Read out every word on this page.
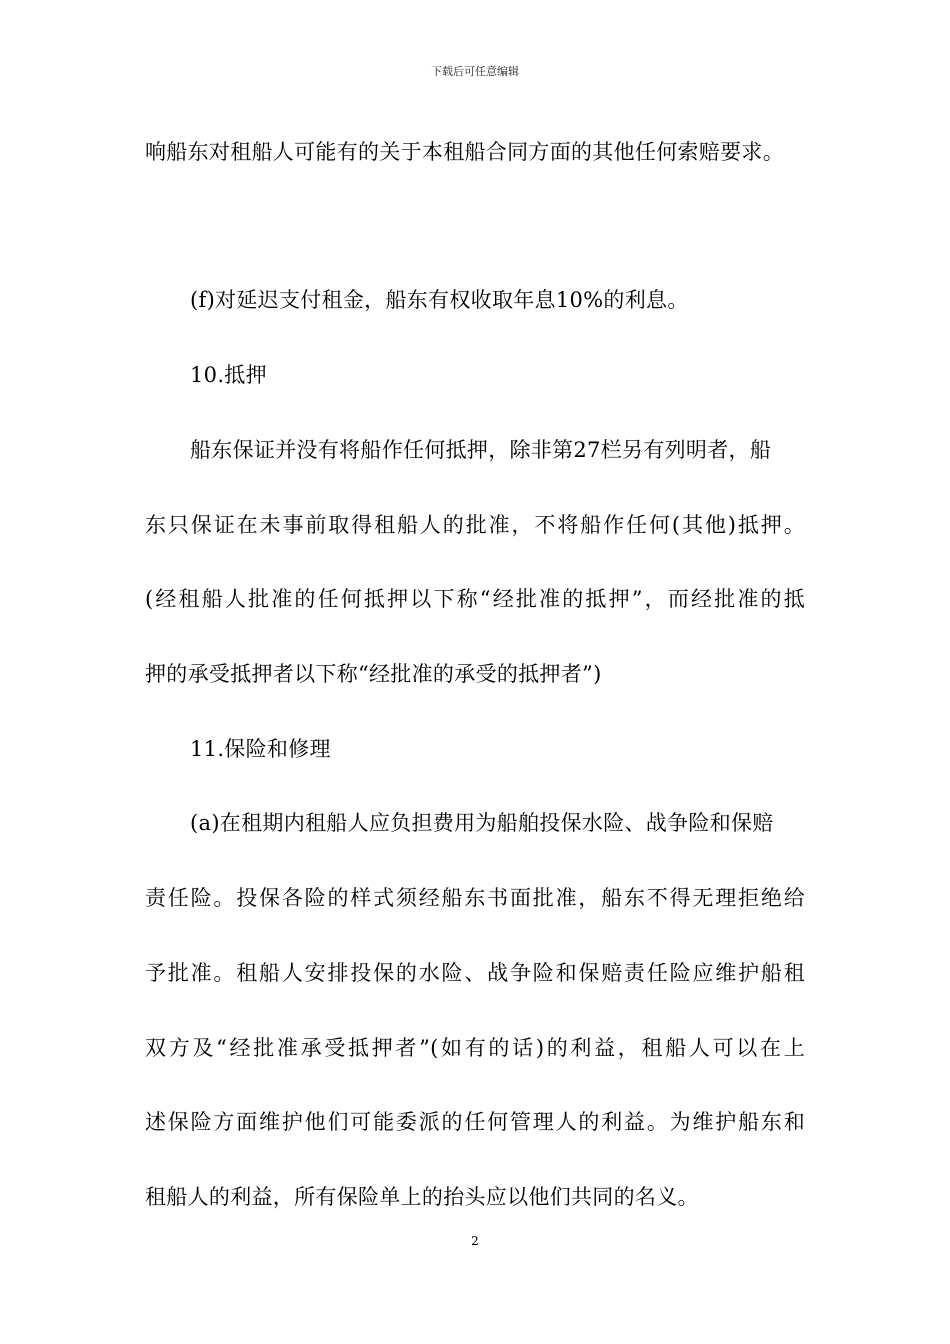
下载后可任意编辑
响船东对租船人可能有的关于本租船合同方面的其他任何索赔要求。
(f)对延迟支付租金，船东有权收取年息10%的利息。
10.抵押
船东保证并没有将船作任何抵押，除非第27栏另有列明者，船
东只保证在未事前取得租船人的批准，不将船作任何(其他)抵押。
(经租船人批准的任何抵押以下称“经批准的抵押”，而经批准的抵
押的承受抵押者以下称“经批准的承受的抵押者”)
11.保险和修理
(a)在租期内租船人应负担费用为船舶投保水险、战争险和保赔
责任险。投保各险的样式须经船东书面批准，船东不得无理拒绝给
予批准。租船人安排投保的水险、战争险和保赔责任险应维护船租
双方及“经批准承受抵押者”(如有的话)的利益，租船人可以在上
述保险方面维护他们可能委派的任何管理人的利益。为维护船东和
租船人的利益，所有保险单上的抬头应以他们共同的名义。
2
